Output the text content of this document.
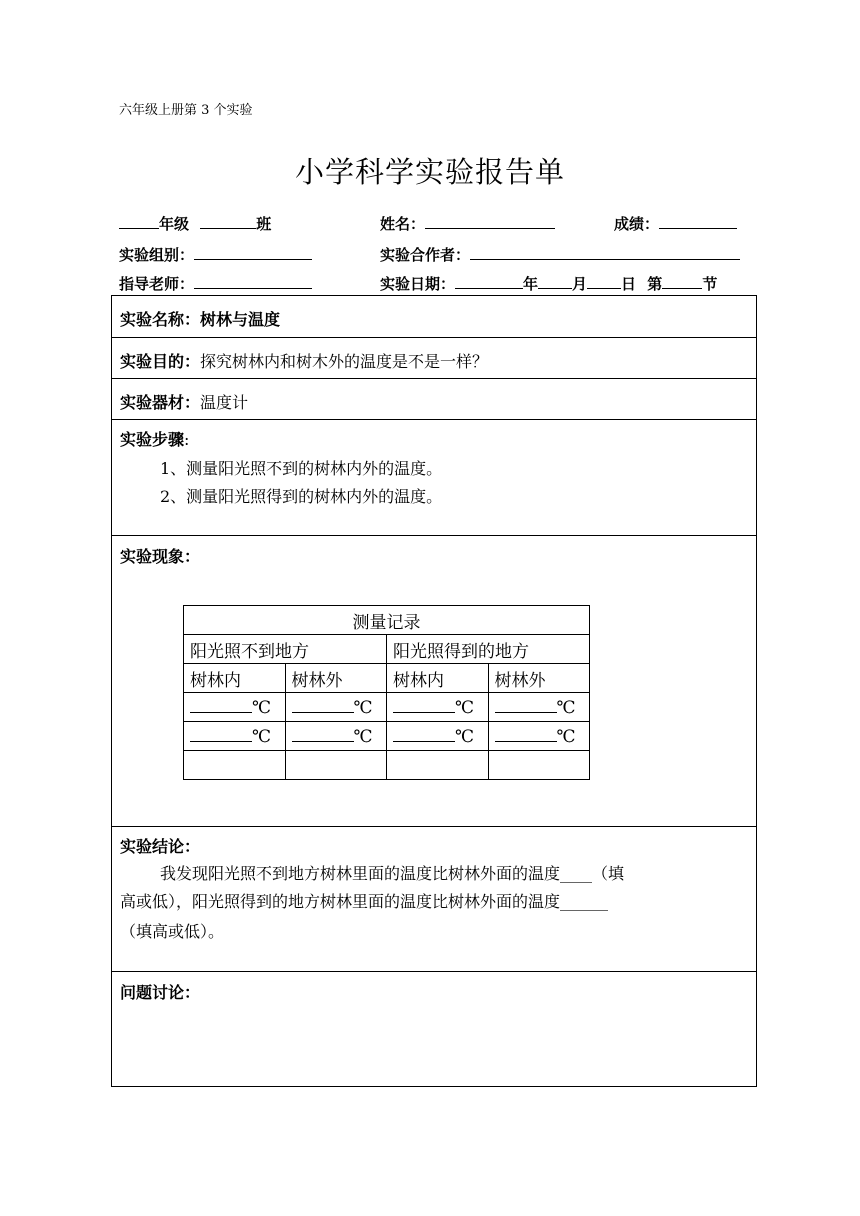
六年级上册第 3 个实验
小学科学实验报告单
年级	班	姓名：	成绩：
实验组别：	实验合作者：
指导老师：	实验日期：	年 月 日 第	节
实验名称：树林与温度
实验目的：探究树林内和树木外的温度是不是一样？
实验器材：温度计
实验步骤:
1、测量阳光照不到的树林内外的温度。
2、测量阳光照得到的树林内外的温度。
实验现象：
测量记录			
阳光照不到地方		阳光照得到的地方	
树林内	树林外	树林内	树林外
℃	℃	℃	℃
℃	℃	℃	℃

实验结论：
我发现阳光照不到地方树林里面的温度比树林外面的温度____（填
高或低），阳光照得到的地方树林里面的温度比树林外面的温度______
（填高或低）。
问题讨论：
